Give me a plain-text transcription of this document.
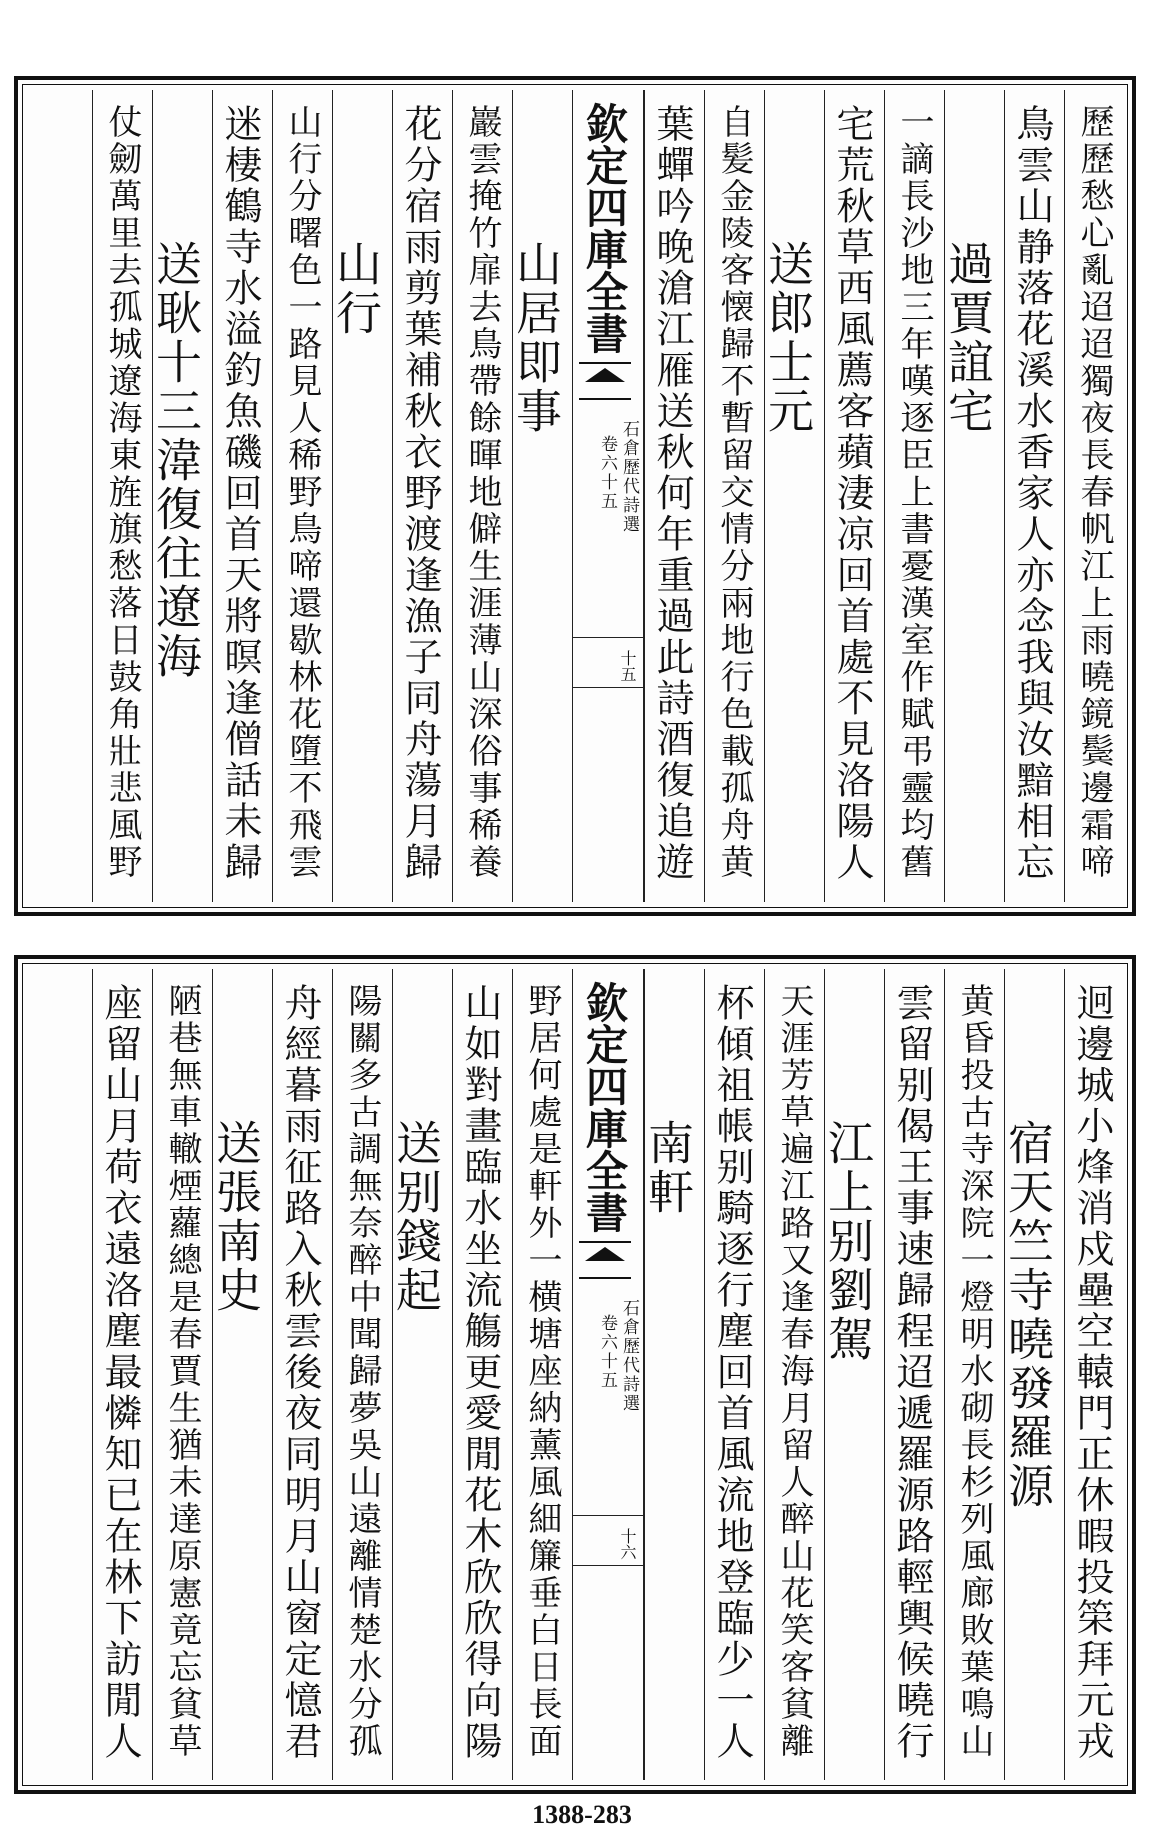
歷歷愁心亂迢迢獨夜長春帆江上雨曉鏡鬓邊霜啼
鳥雲山静落花溪水香家人亦念我與汝黯相忘
過賈誼宅
一謫長沙地三年嘆逐臣上書憂漢室作賦弔靈均舊
宅荒秋草西風薦客蘋淒凉回首處不見洛陽人
送郎士元
自髪金陵客懐歸不暫留交情分兩地行色載孤舟黄
葉蟬吟晚滄江雁送秋何年重過此詩酒復追遊
欽定四庫全書
石倉歷代詩選
卷六十五
十五
山居即事
巖雲掩竹扉去鳥帶餘暉地僻生涯薄山深俗事稀養
花分宿雨剪葉補秋衣野渡逢漁子同舟蕩月歸
山行
山行分曙色一路見人稀野鳥啼還歇林花墮不飛雲
迷棲鶴寺水溢釣魚磯回首天將暝逢僧話未歸
送耿十三湋復往遼海
仗劒萬里去孤城遼海東旌旗愁落日鼓角壯悲風野
迥邊城小烽消戍壘空轅門正休暇投筞拜元戎
宿天竺寺曉發羅源
黄昏投古寺深院一燈明水砌長杉列風廊敗葉鳴山
雲留别偈王事速歸程迢遞羅源路輕輿候曉行
江上别劉駕
天涯芳草遍江路又逢春海月留人醉山花笑客貧離
杯傾祖帳别騎逐行塵回首風流地登臨少一人
南軒
欽定四庫全書
石倉歷代詩選
卷六十五
十六
野居何處是軒外一横塘座納薰風細簾垂白日長面
山如對畫臨水坐流觴更愛閒花木欣欣得向陽
送别錢起
陽關多古調無奈醉中聞歸夢吳山遠離情楚水分孤
舟經暮雨征路入秋雲後夜同明月山窗定憶君
送張南史
陋巷無車轍煙蘿總是春賈生猶未達原憲竟忘貧草
座留山月荷衣遠洛塵最憐知已在林下訪閒人
1388-283
